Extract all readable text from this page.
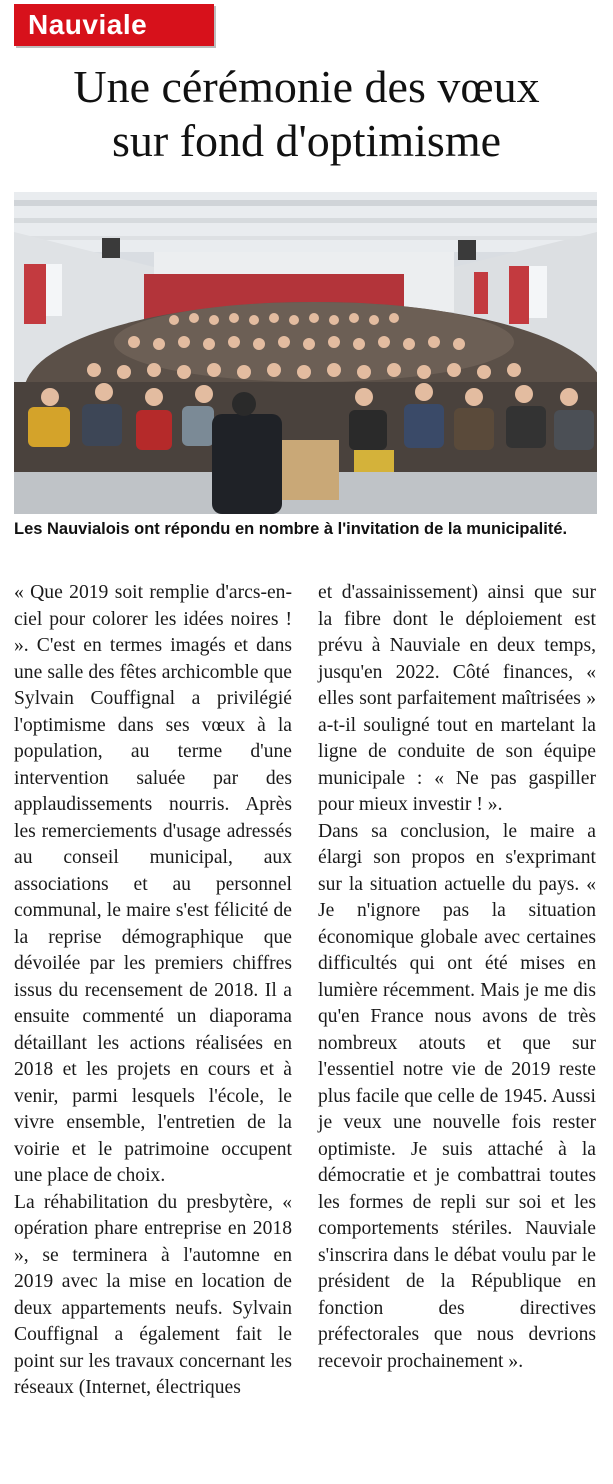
Nauviale
Une cérémonie des vœux
sur fond d'optimisme
Les Nauvialois ont répondu en nombre à l'invitation de la municipalité.

« Que 2019 soit remplie d'arcs-en-ciel pour colorer les idées noires ! ». C'est en termes imagés et dans une salle des fêtes archicomble que Sylvain Couffignal a privilégié l'optimisme dans ses vœux à la population, au terme d'une intervention saluée par des applaudissements nourris. Après les remerciements d'usage adressés au conseil municipal, aux associations et au personnel communal, le maire s'est félicité de la reprise démographique que dévoilée par les premiers chiffres issus du recensement de 2018. Il a ensuite commenté un diaporama détaillant les actions réalisées en 2018 et les projets en cours et à venir, parmi lesquels l'école, le vivre ensemble, l'entretien de la voirie et le patrimoine occupent une place de choix.

La réhabilitation du presbytère, « opération phare entreprise en 2018 », se terminera à l'automne en 2019 avec la mise en location de deux appartements neufs. Sylvain Couffignal a également fait le point sur les travaux concernant les réseaux (Internet, électriques

et d'assainissement) ainsi que sur la fibre dont le déploiement est prévu à Nauviale en deux temps, jusqu'en 2022. Côté finances, « elles sont parfaitement maîtrisées » a-t-il souligné tout en martelant la ligne de conduite de son équipe municipale : « Ne pas gaspiller pour mieux investir ! ».

Dans sa conclusion, le maire a élargi son propos en s'exprimant sur la situation actuelle du pays. « Je n'ignore pas la situation économique globale avec certaines difficultés qui ont été mises en lumière récemment. Mais je me dis qu'en France nous avons de très nombreux atouts et que sur l'essentiel notre vie de 2019 reste plus facile que celle de 1945. Aussi je veux une nouvelle fois rester optimiste. Je suis attaché à la démocratie et je combattrai toutes les formes de repli sur soi et les comportements stériles. Nauviale s'inscrira dans le débat voulu par le président de la République en fonction des directives préfectorales que nous devrions recevoir prochainement ».
